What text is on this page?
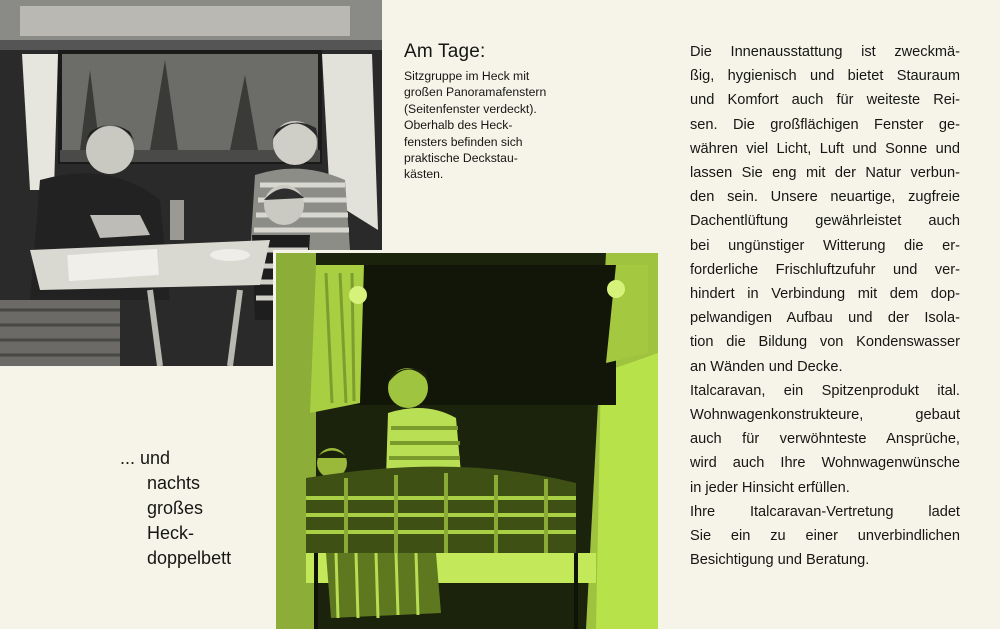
Am Tage:

Sitzgruppe im Heck mit
großen Panoramafenstern
(Seitenfenster verdeckt).
Oberhalb des Heck-
fensters befinden sich
praktische Deckstau-
kästen.

... und
nachts
großes
Heck-
doppelbett
Die Innenausstattung ist zweckmä-
ßig, hygienisch und bietet Stauraum
und Komfort auch für weiteste Rei-
sen. Die großflächigen Fenster ge-
währen viel Licht, Luft und Sonne und
lassen Sie eng mit der Natur verbun-
den sein. Unsere neuartige, zugfreie
Dachentlüftung gewährleistet auch
bei ungünstiger Witterung die er-
forderliche Frischluftzufuhr und ver-
hindert in Verbindung mit dem dop-
pelwandigen Aufbau und der Isola-
tion die Bildung von Kondenswasser
an Wänden und Decke.
Italcaravan, ein Spitzenprodukt ital.
Wohnwagenkonstrukteure, gebaut
auch für verwöhnteste Ansprüche,
wird auch Ihre Wohnwagenwünsche
in jeder Hinsicht erfüllen.
Ihre Italcaravan-Vertretung ladet
Sie ein zu einer unverbindlichen
Besichtigung und Beratung.
